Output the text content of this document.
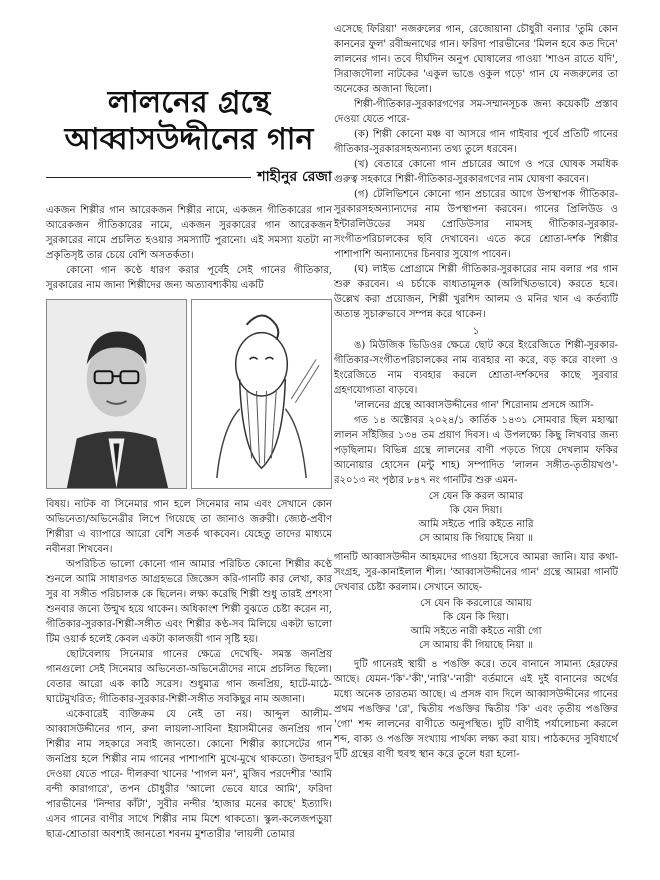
লালনের গ্রন্থে
আব্বাসউদ্দীনের গান
শাহীনুর রেজা

একজন শিল্পীর গান আরেকজন শিল্পীর নামে, একজন গীতিকারের গান আরেকজন গীতিকারের নামে, একজন সুরকারের গান আরেকজন সুরকারের নামে প্রচলিত হওয়ার সমস্যাটি পুরানো। এই সমস্যা যতটা না প্রকৃতিসৃষ্ট তার চেয়ে বেশি অসতর্কতা।

কোনো গান কণ্ঠে ধারণ করার পূর্বেই সেই গানের গীতিকার, সুরকারের নাম জানা শিল্পীদের জন্য অত্যাবশ্যকীয় একটি

বিষয়। নাটক বা সিনেমার গান হলে সিনেমার নাম এবং সেখানে কোন অভিনেতা/অভিনেত্রীর লিপে গিয়েছে তা জানাও জরুরী। জ্যেষ্ঠ-প্রবীণ শিল্পীরা এ ব্যাপারে আরো বেশি সতর্ক থাকবেন। যেহেতু তাদের মাধ্যমে নবীনরা শিখবেন।

অপরিচিত ভালো কোনো গান আমার পরিচিত কোনো শিল্পীর কণ্ঠে শুনলে আমি সাধারণত আগ্রহভরে জিজ্ঞেস করি-গানটি কার লেখা, কার সুর বা সঙ্গীত পরিচালক কে ছিলেন। লক্ষ্য করেছি শিল্পী শুধু তারই প্রশংসা শুনবার জন্যে উন্মুখ হয়ে থাকেন। অধিকাংশ শিল্পী বুঝতে চেষ্টা করেন না, গীতিকার-সুরকার-শিল্পী-সঙ্গীত এবং শিল্পীর কণ্ঠ-সব মিলিয়ে একটা ভালো টিম ওয়ার্ক হলেই কেবল একটা কালজয়ী গান সৃষ্টি হয়।

ছোটবেলায় সিনেমার গানের ক্ষেত্রে দেখেছি- সমস্ত জনপ্রিয় গানগুলো সেই সিনেমার অভিনেতা-অভিনেত্রীদের নামে প্রচলিত ছিলো। বেতার আরো এক কাঠি সরেস। শুধুমাত্র গান জনপ্রিয়, হাটে-মাঠে-ঘাটেমুখরিত; গীতিকার-সুরকার-শিল্পী-সঙ্গীত সবকিছুর নাম অজানা।

একেবারেই ব্যক্তিক্রম যে নেই তা নয়। আব্দুল আলীম-আব্বাসউদ্দীনের গান, রুনা লায়লা-সাবিনা ইয়াসমীনের জনপ্রিয় গান শিল্পীর নাম সহকারে সবাই জানতো। কোনো শিল্পীর ক্যাসেটের গান জনপ্রিয় হলে শিল্পীর নাম গানের পাশাপাশি মুখে-মুখে থাকতো। উদাহরণ দেওয়া যেতে পারে- দীলরুবা খানের 'পাগল মন', মুজিব পরদেশীর 'আমি বন্দী কারাগারে', তপন চৌধুরীর 'আলো ভেবে যারে আমি', ফরিদা পারভীনের 'নিন্দার কাঁটা', সুবীর নন্দীর 'হাজার মনের কাছে' ইত্যাদি। এসব গানের বাণীর সাথে শিল্পীর নাম মিশে থাকতো। স্কুল-কলেজপড়ুয়া ছাত্র-শ্রোতারা অবশ্যই জানতো শবনম মুশতারীর 'লায়লী তোমার

এসেছে ফিরিয়া' নজরুলের গান, রেজোয়ানা চৌধুরী বন্যার 'তুমি কোন কাননের ফুল' রবীন্দ্রনাথের গান। ফরিদা পারভীনের 'মিলন হবে কত দিনে' লালনের গান। তবে দীর্ঘদিন অনুপ ঘোষালের গাওয়া 'শাওন রাতে যদি', সিরাজদৌলা নাটকের 'একুল ভাঙে ওকুল গড়ে' গান যে নজরুলের তা অনেকের অজানা ছিলো।

শিল্পী-গীতিকার-সুরকারগণের সম-সম্মানসূচক জন্য কয়েকটি প্রস্তাব দেওয়া যেতে পারে-

(ক) শিল্পী কোনো মঞ্চ বা আসরে গান গাইবার পূর্বে প্রতিটি গানের গীতিকার-সুরকারসহঅন্যান্য তথ্য তুলে ধরবেন।

(খ) বেতারে কোনো গান প্রচারের আগে ও পরে ঘোষক সমধিক গুরুত্ব সহকারে শিল্পী-গীতিকার-সুরকারগণের নাম ঘোষণা করবেন।

(গ) টেলিভিশনে কোনো গান প্রচারের আগে উপস্থাপক গীতিকার-সুরকারসহঅন্যান্যদের নাম উপস্থাপনা করবেন। গানের প্রিলিউড ও ইন্টারলিউডের সময় প্রোডিউসার নামসহ গীতিকার-সুরকার-সংগীতপরিচালকের ছবি দেখাবেন। এতে করে শ্রোতা-দর্শক শিল্পীর পাশাপাশি অন্যান্যদের চিনবার সুযোগ পাবেন।

(ঘ) লাইভ প্রোগ্রামে শিল্পী গীতিকার-সুরকারের নাম বলার পর গান শুরু করবেন। এ চর্চাকে বাধ্যতামূলক (অলিখিতভাবে) করতে হবে। উল্লেখ করা প্রয়োজন, শিল্পী খুরশিদ আলম ও মনির খান এ কর্তব্যটি অত্যন্ত সুচারুভাবে সম্পন্ন করে থাকেন।

১

ঙ) মিউজিক ভিডিওর ক্ষেত্রে ছোট করে ইংরেজিতে শিল্পী-সুরকার-গীতিকার-সংগীতপরিচালকের নাম ব্যবহার না করে, বড় করে বাংলা ও ইংরেজিতে নাম ব্যবহার করলে শ্রোতা-দর্শকদের কাছে সুরবার গ্রহণযোগ্যতা বাড়বে।

'লালনের গ্রন্থে আব্বাসউদ্দীনের গান' শিরোনাম প্রসঙ্গে আসি-

গত ১৪ অক্টোবর ২০২৪/১ কার্তিক ১৪৩১ সোমবার ছিল মহাত্মা লালন সাঁইজির ১৩৪ তম প্রয়াণ দিবস। এ উপলক্ষ্যে কিছু লিখবার জন্য পড়ছিলাম। বিভিন্ন গ্রন্থে লালনের বাণী পড়তে গিয়ে দেখলাম ফকির আনোয়ার হোসেন (মন্টু শাহ) সম্পাদিত 'লালন সঙ্গীত-তৃতীয়খণ্ড'-র২০১৩ নং পৃষ্ঠার ৮৪৭ নং গানটির শুরু এমন-

সে যেন কি করল আমার
কি যেন দিয়া।
আমি সইতে পারি কইতে নারি
সে আমায় কি গিয়াছে নিয়া ॥

গানটি আব্বাসউদ্দীন আহমদের গাওয়া হিসেবে আমরা জানি। যার কথা-সংগ্রহ, সুর-কানাইলাল শীল। 'আব্বাসউদ্দীনের গান' গ্রন্থে আমরা গানটি দেখবার চেষ্টা করলাম। সেখানে আছে-

সে যেন কি করলোরে আমায়
কি যেন কি দিয়া।
আমি সইতে নারী কইতে নারী গো
সে আমায় কী গিয়াছে নিয়া ॥

দুটি গানেরই স্থায়ী ৪ পঙক্তি করে। তবে বানানে সামান্য হেরফের আছে। যেমন-'কি'-'কী','নারি'-'নারী' বর্তমানে এই দুই বানানের অর্থের মধ্যে অনেক তারতম্য আছে। এ প্রসঙ্গ বাদ দিলে আব্বাসউদ্দীনের গানের প্রথম পঙক্তির 'রে', দ্বিতীয় পঙক্তির দ্বিতীয় 'কি' এবং তৃতীয় পঙক্তির 'গো' শব্দ লালনের বাণীতে অনুপস্থিত। দুটি বাণীই পর্যালোচনা করলে শব্দ, বাক্য ও পঙক্তি সংখ্যায় পার্থক্য লক্ষ্য করা যায়। পাঠকদের সুবিধার্থে দুটি গ্রন্থের বাণী হুবহু স্থান করে তুলে ধরা হলো-
